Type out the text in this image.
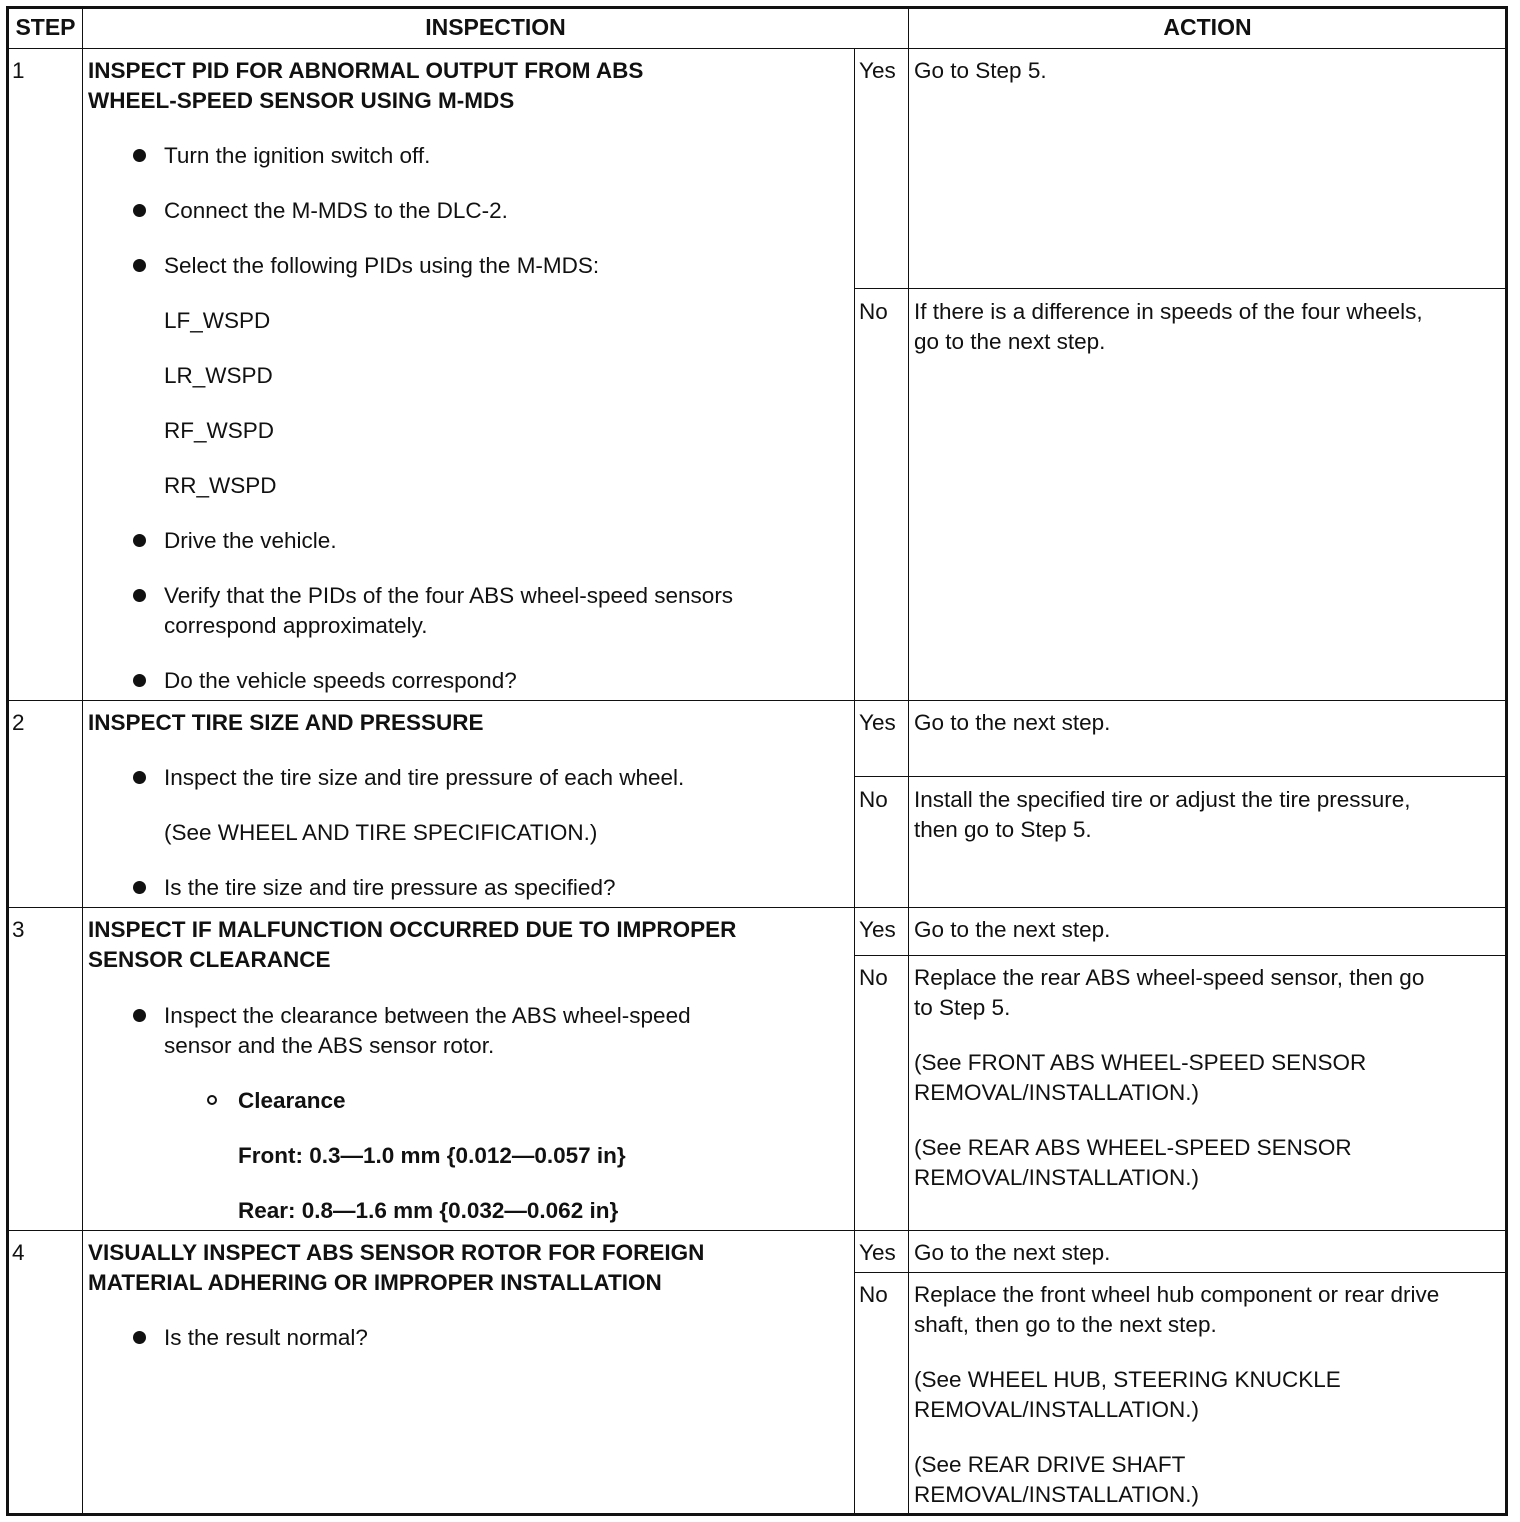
STEP	INSPECTION	ACTION
1	INSPECT PID FOR ABNORMAL OUTPUT FROM ABS
WHEEL-SPEED SENSOR USING M-MDS
Turn the ignition switch off.
Connect the M-MDS to the DLC-2.
Select the following PIDs using the M-MDS:
LF_WSPD
LR_WSPD
RF_WSPD
RR_WSPD
Drive the vehicle.
Verify that the PIDs of the four ABS wheel-speed sensors
correspond approximately.
Do the vehicle speeds correspond?
Yes Go to Step 5.
No If there is a difference in speeds of the four wheels,
go to the next step.
2	INSPECT TIRE SIZE AND PRESSURE
Inspect the tire size and tire pressure of each wheel.
(See WHEEL AND TIRE SPECIFICATION.)
Is the tire size and tire pressure as specified?
Yes Go to the next step.
No Install the specified tire or adjust the tire pressure,
then go to Step 5.
3	INSPECT IF MALFUNCTION OCCURRED DUE TO IMPROPER
SENSOR CLEARANCE
Inspect the clearance between the ABS wheel-speed
sensor and the ABS sensor rotor.
Clearance
Front: 0.3—1.0 mm {0.012—0.057 in}
Rear: 0.8—1.6 mm {0.032—0.062 in}
Yes Go to the next step.
No Replace the rear ABS wheel-speed sensor, then go
to Step 5.
(See FRONT ABS WHEEL-SPEED SENSOR
REMOVAL/INSTALLATION.)
(See REAR ABS WHEEL-SPEED SENSOR
REMOVAL/INSTALLATION.)
4	VISUALLY INSPECT ABS SENSOR ROTOR FOR FOREIGN
MATERIAL ADHERING OR IMPROPER INSTALLATION
Is the result normal?
Yes Go to the next step.
No Replace the front wheel hub component or rear drive
shaft, then go to the next step.
(See WHEEL HUB, STEERING KNUCKLE
REMOVAL/INSTALLATION.)
(See REAR DRIVE SHAFT
REMOVAL/INSTALLATION.)
